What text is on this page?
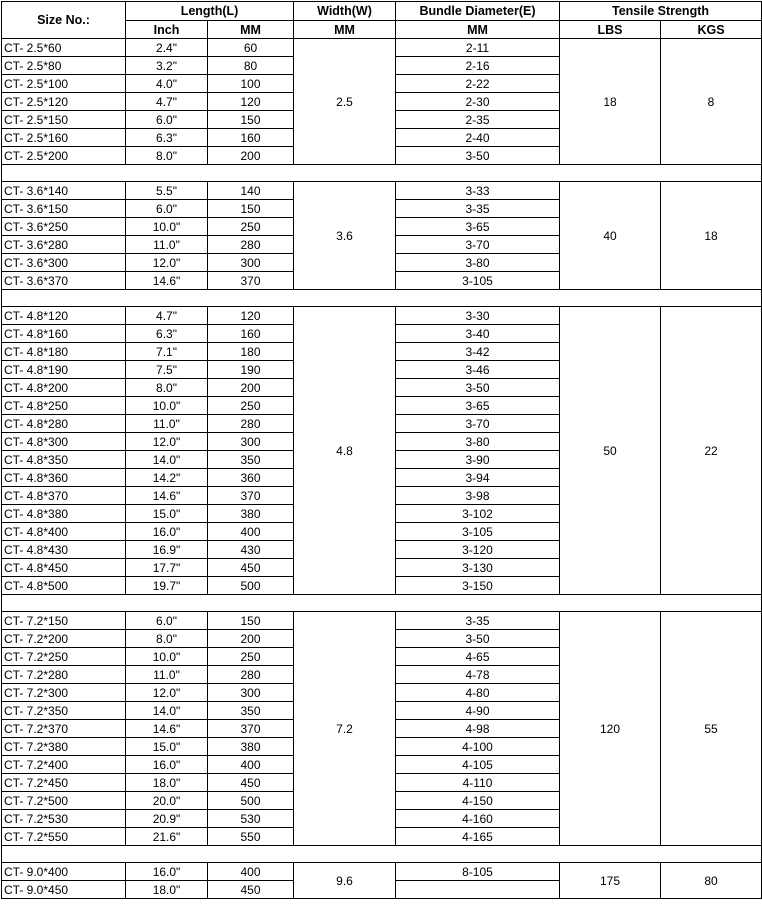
Size No.:	Length(L)		Width(W)	Bundle Diameter(E)	Tensile Strength	
	Inch	MM	MM	MM	LBS	KGS
CT- 2.5*60	2.4"	60	2.5	2-11	18	8
CT- 2.5*80	3.2"	80		2-16		
CT- 2.5*100	4.0"	100		2-22		
CT- 2.5*120	4.7"	120		2-30		
CT- 2.5*150	6.0"	150		2-35		
CT- 2.5*160	6.3"	160		2-40		
CT- 2.5*200	8.0"	200		3-50		

CT- 3.6*140	5.5"	140	3.6	3-33	40	18
CT- 3.6*150	6.0"	150		3-35		
CT- 3.6*250	10.0"	250		3-65		
CT- 3.6*280	11.0"	280		3-70		
CT- 3.6*300	12.0"	300		3-80		
CT- 3.6*370	14.6"	370		3-105		

CT- 4.8*120	4.7"	120	4.8	3-30	50	22
CT- 4.8*160	6.3"	160		3-40		
CT- 4.8*180	7.1"	180		3-42		
CT- 4.8*190	7.5"	190		3-46		
CT- 4.8*200	8.0"	200		3-50		
CT- 4.8*250	10.0"	250		3-65		
CT- 4.8*280	11.0"	280		3-70		
CT- 4.8*300	12.0"	300		3-80		
CT- 4.8*350	14.0"	350		3-90		
CT- 4.8*360	14.2"	360		3-94		
CT- 4.8*370	14.6"	370		3-98		
CT- 4.8*380	15.0"	380		3-102		
CT- 4.8*400	16.0"	400		3-105		
CT- 4.8*430	16.9"	430		3-120		
CT- 4.8*450	17.7"	450		3-130		
CT- 4.8*500	19.7"	500		3-150		

CT- 7.2*150	6.0"	150	7.2	3-35	120	55
CT- 7.2*200	8.0"	200		3-50		
CT- 7.2*250	10.0"	250		4-65		
CT- 7.2*280	11.0"	280		4-78		
CT- 7.2*300	12.0"	300		4-80		
CT- 7.2*350	14.0"	350		4-90		
CT- 7.2*370	14.6"	370		4-98		
CT- 7.2*380	15.0"	380		4-100		
CT- 7.2*400	16.0"	400		4-105		
CT- 7.2*450	18.0"	450		4-110		
CT- 7.2*500	20.0"	500		4-150		
CT- 7.2*530	20.9"	530		4-160		
CT- 7.2*550	21.6"	550		4-165		

CT- 9.0*400	16.0"	400	9.6	8-105	175	80
CT- 9.0*450	18.0"	450				
